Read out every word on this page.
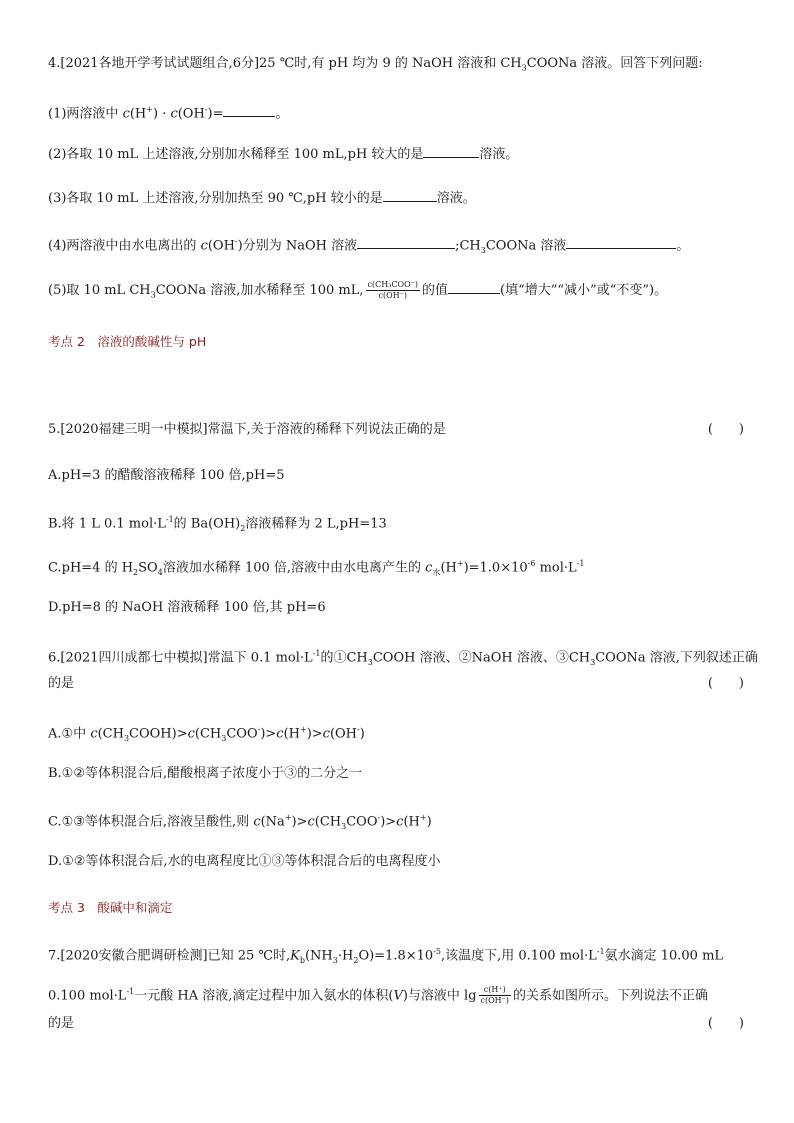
4.[2021各地开学考试试题组合,6分]25 ℃时,有 pH 均为 9 的 NaOH 溶液和 $CH_3COONa$ 溶液。回答下列问题:
(1)两溶液中 c(H+) · c(OH-)=	。
(2)各取 10 mL 上述溶液,分别加水稀释至 100 mL,pH 较大的是	溶液。
(3)各取 10 mL 上述溶液,分别加热至 90 ℃,pH 较小的是	溶液。
(4)两溶液中由水电离出的 c(OH-)分别为 NaOH 溶液	$;CH_3COONa$ 溶液	。
(5)取 10 mL $CH_3COONa$ 溶液,加水稀释至 100 mL, $\frac{\text{c(CH₃COO⁻)}}{c(OH^-)}$ 的值	(填“增大”“减小”或“不变”)。
考点 2　溶液的酸碱性与 pH
5.[2020福建三明一中模拟]常温下,关于溶液的稀释下列说法正确的是	(　　)
A.pH=3 的醋酸溶液稀释 100 倍,pH=5
B.将 1 L 0.1 $mol\cdot L^{-1}$的 $Ba(OH)_2$溶液稀释为 2 L,pH=13
C.pH=4 的 $H_2SO_4$溶液加水稀释 100 倍,溶液中由水电离产生的 $c_水(H^+)=1.0\times 10^{-6}$ $mol\cdot L^{-1}$
D.pH=8 的 NaOH 溶液稀释 100 倍,其 pH=6
6.[2021四川成都七中模拟]常温下 0.1 $mol\cdot L^{-1}$的$①CH_3COOH$ 溶液、②NaOH 溶液、$③CH_3COONa$ 溶液,下列叙述正确
的是	(　　)
A.①中 $c(CH_3COOH)>c(CH_3COO^-)>c(H^+)>c(OH^-)$
B.①②等体积混合后,醋酸根离子浓度小于③的二分之一
C.①③等体积混合后,溶液呈酸性,则 $c(Na^+)>c(CH_3COO^-)>c(H^+)$
D.①②等体积混合后,水的电离程度比①③等体积混合后的电离程度小
考点 3　酸碱中和滴定
7.[2020安徽合肥调研检测]已知 25 ℃时$,K_b(NH_3\cdot H_2O)=1.8\times 10^{-5}$,该温度下,用 0.100 $mol\cdot L^{-1}$氨水滴定 10.00 mL
0.100 $mol\cdot L^{-1}$一元酸 HA 溶液,滴定过程中加入氨水的体积(V)与溶液中 $\lg \frac{c(H^+)}{c(OH^-)}$ 的关系如图所示。下列说法不正确
的是	(　　)
